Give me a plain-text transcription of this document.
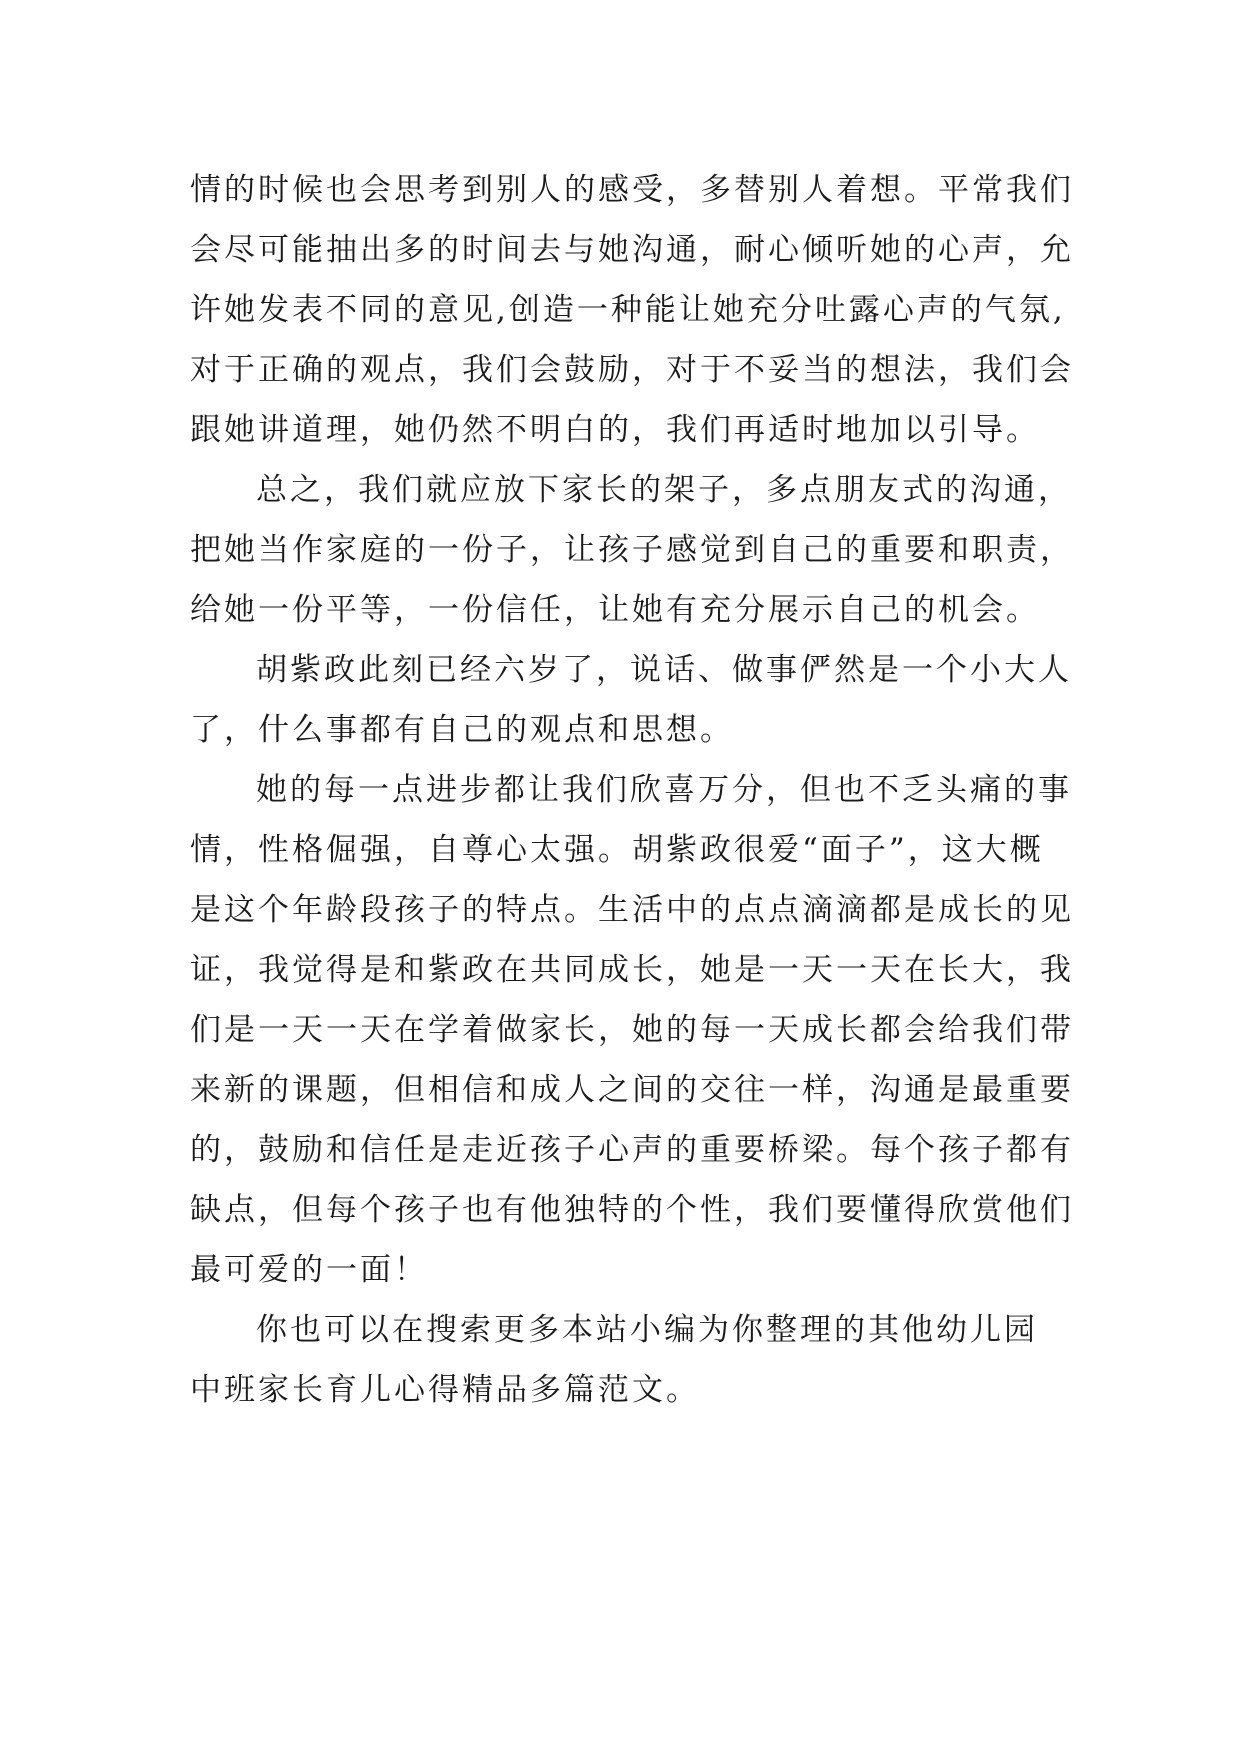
情的时候也会思考到别人的感受，多替别人着想。平常我们
会尽可能抽出多的时间去与她沟通，耐心倾听她的心声，允
许她发表不同的意见,创造一种能让她充分吐露心声的气氛,
对于正确的观点，我们会鼓励，对于不妥当的想法，我们会
跟她讲道理，她仍然不明白的，我们再适时地加以引导。
总之，我们就应放下家长的架子，多点朋友式的沟通，
把她当作家庭的一份子，让孩子感觉到自己的重要和职责，
给她一份平等，一份信任，让她有充分展示自己的机会。
胡紫政此刻已经六岁了，说话、做事俨然是一个小大人
了，什么事都有自己的观点和思想。
她的每一点进步都让我们欣喜万分，但也不乏头痛的事
情，性格倔强，自尊心太强。胡紫政很爱“面子”，这大概
是这个年龄段孩子的特点。生活中的点点滴滴都是成长的见
证，我觉得是和紫政在共同成长，她是一天一天在长大，我
们是一天一天在学着做家长，她的每一天成长都会给我们带
来新的课题，但相信和成人之间的交往一样，沟通是最重要
的，鼓励和信任是走近孩子心声的重要桥梁。每个孩子都有
缺点，但每个孩子也有他独特的个性，我们要懂得欣赏他们
最可爱的一面！
你也可以在搜索更多本站小编为你整理的其他幼儿园
中班家长育儿心得精品多篇范文。
